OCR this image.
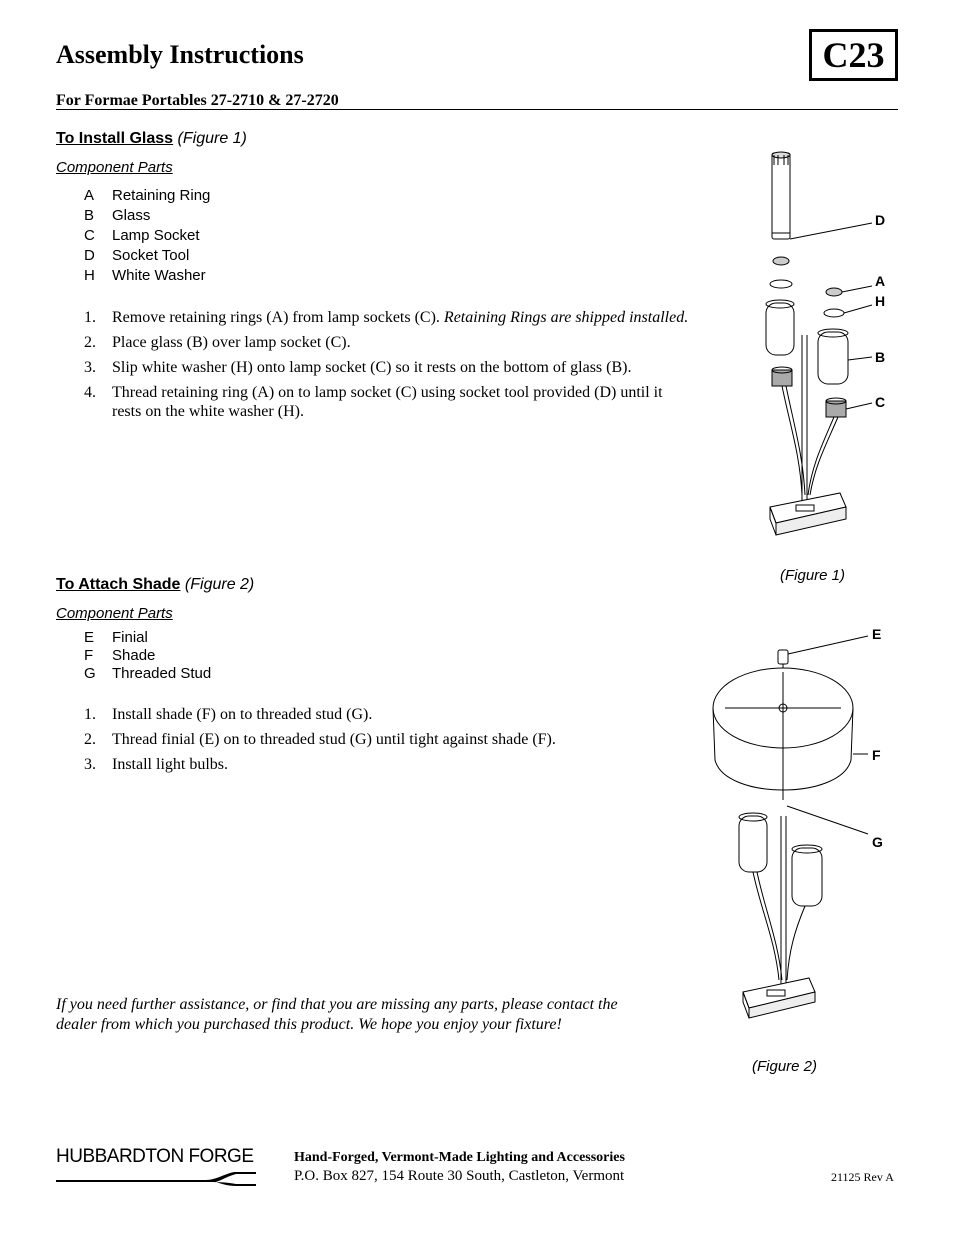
Assembly Instructions	C23
For Formae Portables 27-2710 & 27-2720
To Install Glass (Figure 1)
Component Parts
A	Retaining Ring
B	Glass
C	Lamp Socket
D	Socket Tool
H	White Washer
1.	Remove retaining rings (A) from lamp sockets (C). Retaining Rings are shipped installed.
2.	Place glass (B) over lamp socket (C).
3.	Slip white washer (H) onto lamp socket (C) so it rests on the bottom of glass (B).
4.	Thread retaining ring (A) on to lamp socket (C) using socket tool provided (D) until it rests on the white washer (H).
To Attach Shade (Figure 2)
Component Parts
E	Finial
F	Shade
G	Threaded Stud
1.	Install shade (F) on to threaded stud (G).
2.	Thread finial (E) on to threaded stud (G) until tight against shade (F).
3.	Install light bulbs.
If you need further assistance, or find that you are missing any parts, please contact the dealer from which you purchased this product. We hope you enjoy your fixture!
D
A
H
B
C
(Figure 1)
E
F
G
(Figure 2)
HUBBARDTON FORGE	Hand-Forged, Vermont-Made Lighting and Accessories
P.O. Box 827, 154 Route 30 South, Castleton, Vermont	21125 Rev A
